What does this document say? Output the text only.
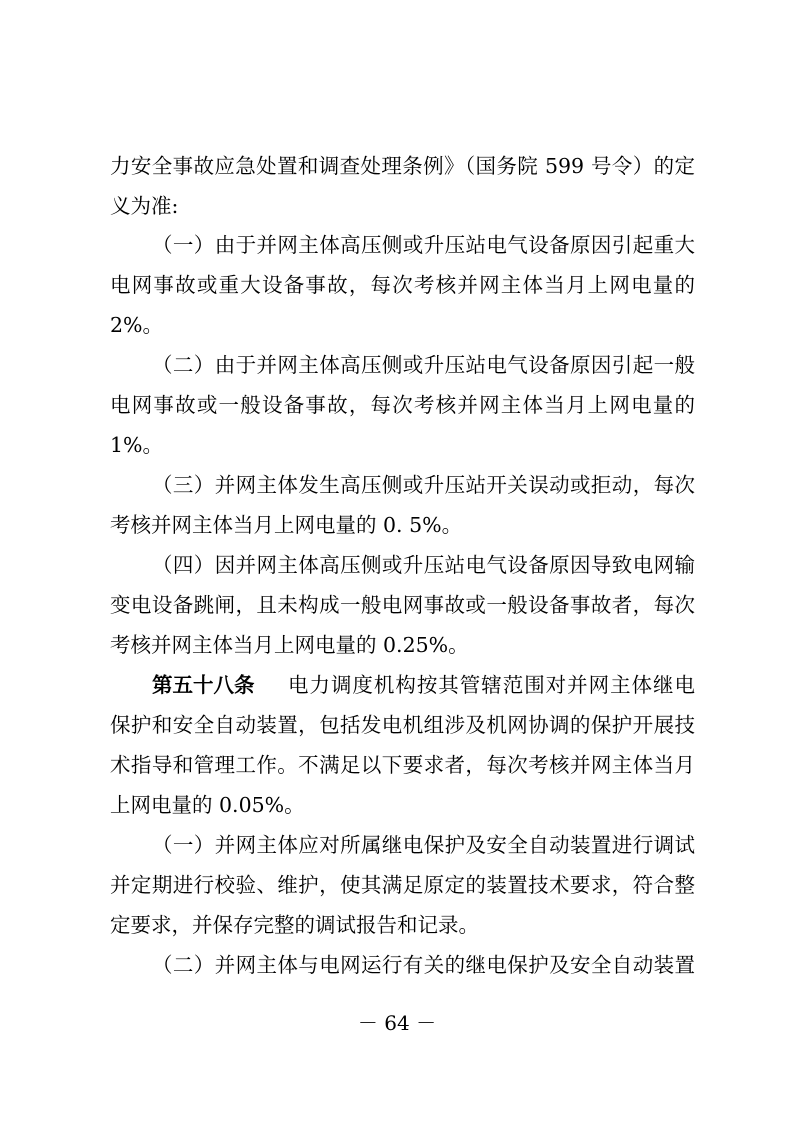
力安全事故应急处置和调查处理条例》（国务院 599 号令）的定
义为准:
（一）由于并网主体高压侧或升压站电气设备原因引起重大
电网事故或重大设备事故，每次考核并网主体当月上网电量的
2%。
（二）由于并网主体高压侧或升压站电气设备原因引起一般
电网事故或一般设备事故，每次考核并网主体当月上网电量的
1%。
（三）并网主体发生高压侧或升压站开关误动或拒动，每次
考核并网主体当月上网电量的 0. 5%。
（四）因并网主体高压侧或升压站电气设备原因导致电网输
变电设备跳闸，且未构成一般电网事故或一般设备事故者，每次
考核并网主体当月上网电量的 0.25%。
第五十八条	电力调度机构按其管辖范围对并网主体继电
保护和安全自动装置，包括发电机组涉及机网协调的保护开展技
术指导和管理工作。不满足以下要求者，每次考核并网主体当月
上网电量的 0.05%。
（一）并网主体应对所属继电保护及安全自动装置进行调试
并定期进行校验、维护，使其满足原定的装置技术要求，符合整
定要求，并保存完整的调试报告和记录。
（二）并网主体与电网运行有关的继电保护及安全自动装置
－ 64 －
